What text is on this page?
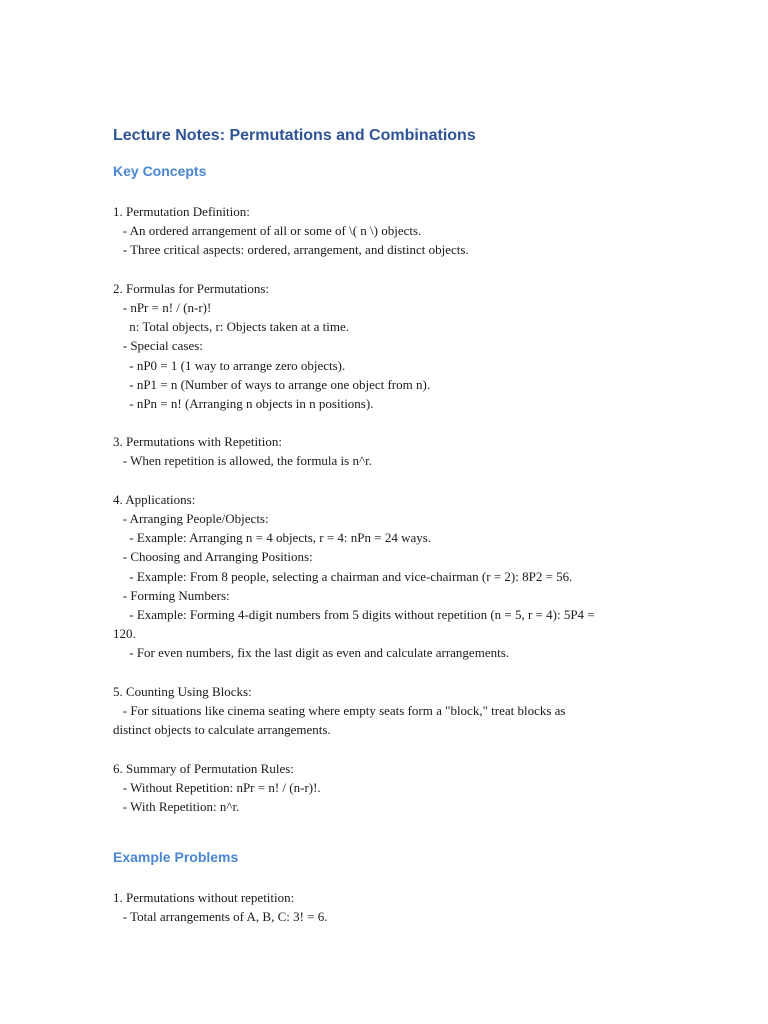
Lecture Notes: Permutations and Combinations
Key Concepts
1. Permutation Definition:
- An ordered arrangement of all or some of \( n \) objects.
- Three critical aspects: ordered, arrangement, and distinct objects.
2. Formulas for Permutations:
- nPr = n! / (n-r)!
n: Total objects, r: Objects taken at a time.
- Special cases:
- nP0 = 1 (1 way to arrange zero objects).
- nP1 = n (Number of ways to arrange one object from n).
- nPn = n! (Arranging n objects in n positions).
3. Permutations with Repetition:
- When repetition is allowed, the formula is n^r.
4. Applications:
- Arranging People/Objects:
- Example: Arranging n = 4 objects, r = 4: nPn = 24 ways.
- Choosing and Arranging Positions:
- Example: From 8 people, selecting a chairman and vice-chairman (r = 2): 8P2 = 56.
- Forming Numbers:
- Example: Forming 4-digit numbers from 5 digits without repetition (n = 5, r = 4): 5P4 =
120.
- For even numbers, fix the last digit as even and calculate arrangements.
5. Counting Using Blocks:
- For situations like cinema seating where empty seats form a "block," treat blocks as
distinct objects to calculate arrangements.
6. Summary of Permutation Rules:
- Without Repetition: nPr = n! / (n-r)!.
- With Repetition: n^r.
Example Problems
1. Permutations without repetition:
- Total arrangements of A, B, C: 3! = 6.
